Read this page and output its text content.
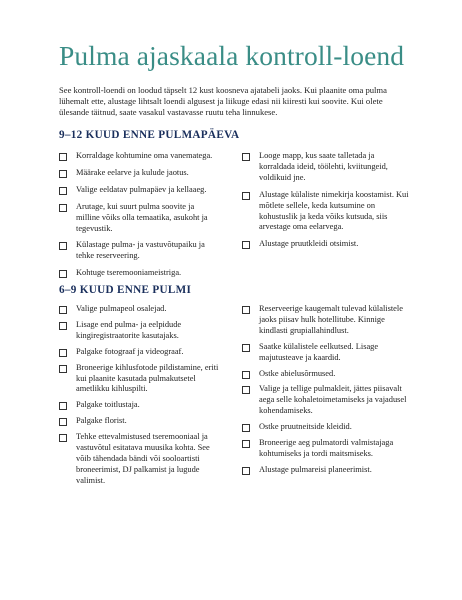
Pulma ajaskaala kontroll-loend
See kontroll-loendi on loodud täpselt 12 kust koosneva ajatabeli jaoks. Kui plaanite oma pulma lühemalt ette, alustage lihtsalt loendi algusest ja liikuge edasi nii kiiresti kui soovite. Kui olete ülesande täitnud, saate vasakul vastavasse ruutu teha linnukese.
9–12 KUUD ENNE PULMAPÄEVA
Korraldage kohtumine oma vanematega.
Määrake eelarve ja kulude jaotus.
Valige eeldatav pulmapäev ja kellaaeg.
Arutage, kui suurt pulma soovite ja milline võiks olla temaatika, asukoht ja tegevustik.
Külastage pulma- ja vastuvõtupaiku ja tehke reserveering.
Kohtuge tseremooniameistriga.
Looge mapp, kus saate talletada ja korraldada ideid, töölehti, kviitungeid, voldikuid jne.
Alustage külaliste nimekirja koostamist. Kui mõtlete sellele, keda kutsumine on kohustuslik ja keda võiks kutsuda, siis arvestage oma eelarvega.
Alustage pruutkleidi otsimist.
6–9 KUUD ENNE PULMI
Valige pulmapeol osalejad.
Lisage end pulma- ja eelpidude kingiregistraatorite kasutajaks.
Palgake fotograaf ja videograaf.
Broneerige kihlusfotode pildistamine, eriti kui plaanite kasutada pulmakutsetel ametlikku kihluspilti.
Palgake toitlustaja.
Palgake florist.
Tehke ettevalmistused tseremooniaal ja vastuvõtul esitatava muusika kohta. See võib tähendada bändi või sooloartisti broneerimist, DJ palkamist ja lugude valimist.
Reserveerige kaugemalt tulevad külalistele jaoks piisav hulk hotellitube. Kinnige kindlasti grupiallahindlust.
Saatke külalistele eelkutsed. Lisage majutusteave ja kaardid.
Ostke abielusõrmused.
Valige ja tellige pulmakleit, jättes piisavalt aega selle kohaletoimetamiseks ja vajadusel kohendamiseks.
Ostke pruutneitside kleidid.
Broneerige aeg pulmatordi valmistajaga kohtumiseks ja tordi maitsmiseks.
Alustage pulmareisi planeerimist.
